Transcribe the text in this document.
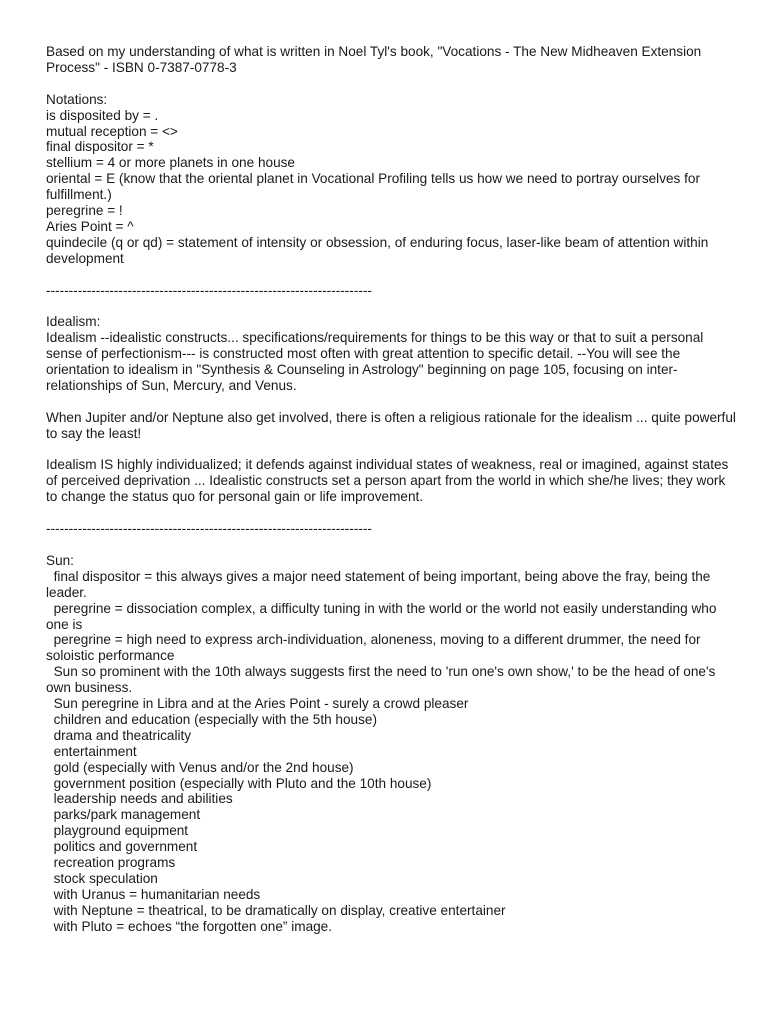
Based on my understanding of what is written in Noel Tyl's book, "Vocations - The New Midheaven Extension Process" - ISBN 0-7387-0778-3
Notations:
is disposited by = .
mutual reception = <>
final dispositor = *
stellium = 4 or more planets in one house
oriental = E (know that the oriental planet in Vocational Profiling tells us how we need to portray ourselves for fulfillment.)
peregrine = !
Aries Point = ^
quindecile (q or qd) = statement of intensity or obsession, of enduring focus, laser-like beam of attention within development
------------------------------------------------------------------------
Idealism:
Idealism --idealistic constructs... specifications/requirements for things to be this way or that to suit a personal sense of perfectionism--- is constructed most often with great attention to specific detail. --You will see the orientation to idealism in "Synthesis & Counseling in Astrology" beginning on page 105, focusing on inter-relationships of Sun, Mercury, and Venus.
When Jupiter and/or Neptune also get involved, there is often a religious rationale for the idealism ... quite powerful to say the least!
Idealism IS highly individualized; it defends against individual states of weakness, real or imagined, against states of perceived deprivation ... Idealistic constructs set a person apart from the world in which she/he lives; they work to change the status quo for personal gain or life improvement.
------------------------------------------------------------------------
Sun:
final dispositor = this always gives a major need statement of being important, being above the fray, being the leader.
peregrine = dissociation complex, a difficulty tuning in with the world or the world not easily understanding who one is
peregrine = high need to express arch-individuation, aloneness, moving to a different drummer, the need for soloistic performance
Sun so prominent with the 10th always suggests first the need to 'run one's own show,' to be the head of one's own business.
Sun peregrine in Libra and at the Aries Point - surely a crowd pleaser
children and education (especially with the 5th house)
drama and theatricality
entertainment
gold (especially with Venus and/or the 2nd house)
government position (especially with Pluto and the 10th house)
leadership needs and abilities
parks/park management
playground equipment
politics and government
recreation programs
stock speculation
with Uranus = humanitarian needs
with Neptune = theatrical, to be dramatically on display, creative entertainer
with Pluto = echoes “the forgotten one” image.
